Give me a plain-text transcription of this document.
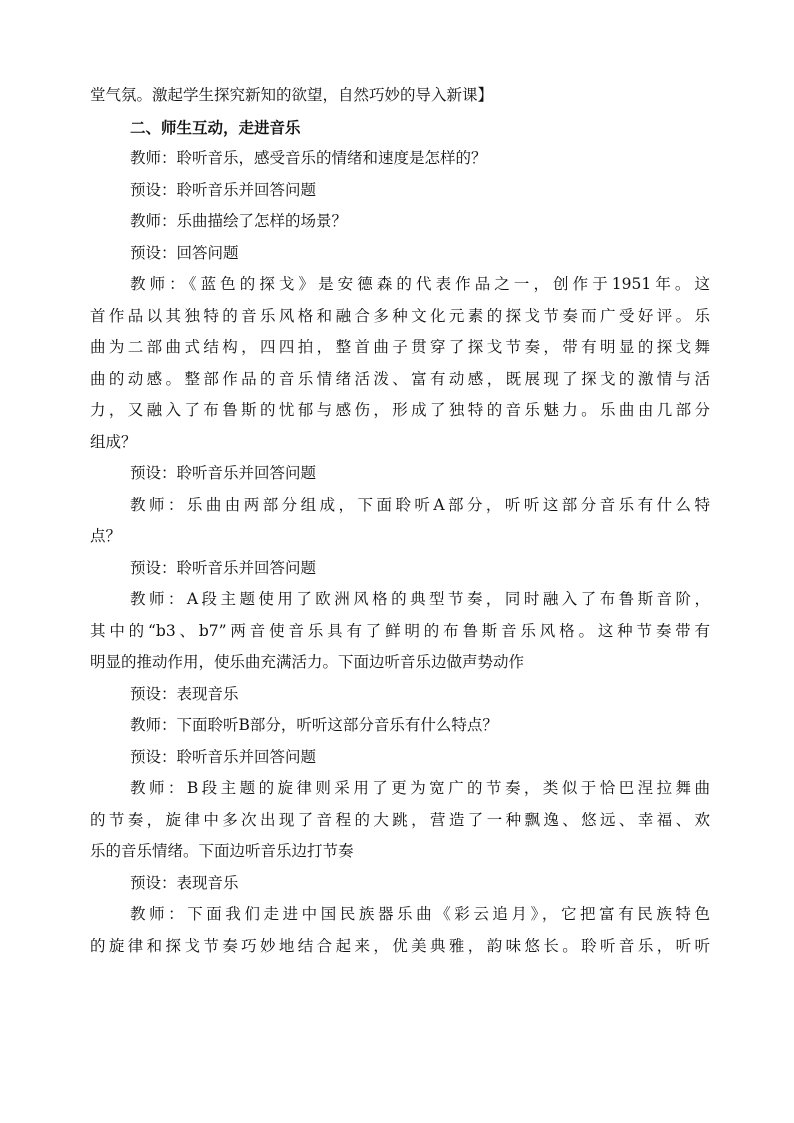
堂气氛。激起学生探究新知的欲望，自然巧妙的导入新课】
二、师生互动，走进音乐
教师：聆听音乐，感受音乐的情绪和速度是怎样的？
预设：聆听音乐并回答问题
教师：乐曲描绘了怎样的场景？
预设：回答问题
教师：《蓝色的探戈》是安德森的代表作品之一，创作于1951年。这
首作品以其独特的音乐风格和融合多种文化元素的探戈节奏而广受好评。乐
曲为二部曲式结构，四四拍，整首曲子贯穿了探戈节奏，带有明显的探戈舞
曲的动感。整部作品的音乐情绪活泼、富有动感，既展现了探戈的激情与活
力，又融入了布鲁斯的忧郁与感伤，形成了独特的音乐魅力。乐曲由几部分
组成？
预设：聆听音乐并回答问题
教师：乐曲由两部分组成，下面聆听A部分，听听这部分音乐有什么特
点？
预设：聆听音乐并回答问题
教师：A段主题使用了欧洲风格的典型节奏，同时融入了布鲁斯音阶，
其中的“b3、b7”两音使音乐具有了鲜明的布鲁斯音乐风格。这种节奏带有
明显的推动作用，使乐曲充满活力。下面边听音乐边做声势动作
预设：表现音乐
教师：下面聆听B部分，听听这部分音乐有什么特点？
预设：聆听音乐并回答问题
教师：B段主题的旋律则采用了更为宽广的节奏，类似于恰巴涅拉舞曲
的节奏，旋律中多次出现了音程的大跳，营造了一种飘逸、悠远、幸福、欢
乐的音乐情绪。下面边听音乐边打节奏
预设：表现音乐
教师：下面我们走进中国民族器乐曲《彩云追月》，它把富有民族特色
的旋律和探戈节奏巧妙地结合起来，优美典雅，韵味悠长。聆听音乐，听听
